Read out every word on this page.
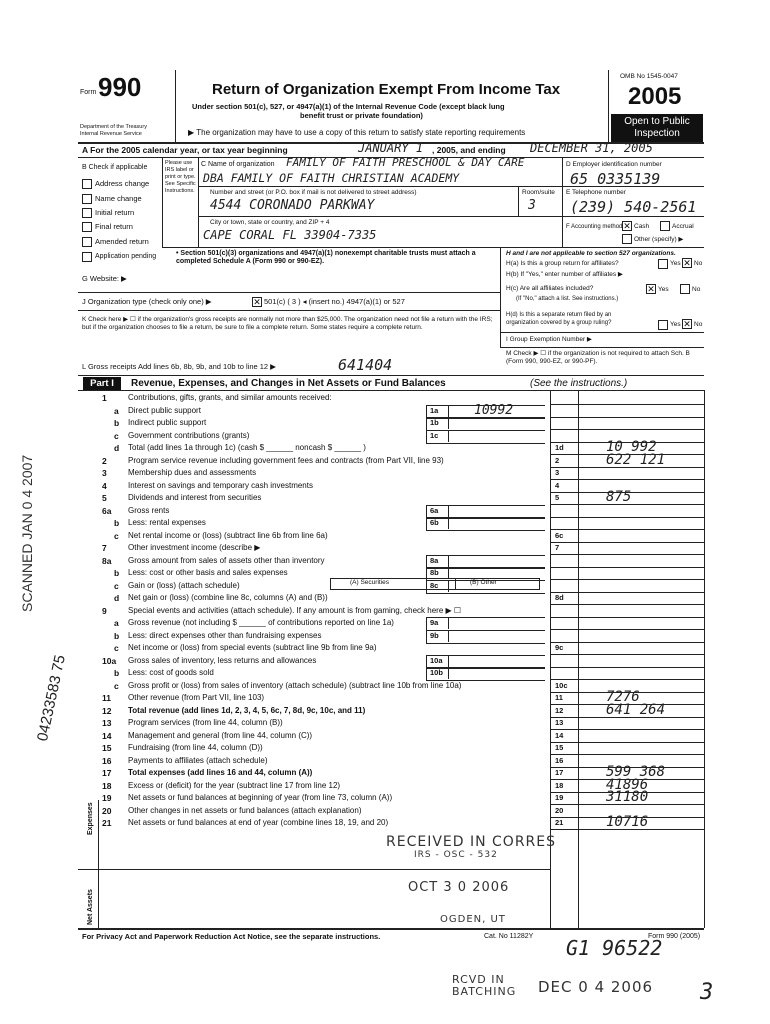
Form 990
Department of the Treasury
Internal Revenue Service
Return of Organization Exempt From Income Tax
Under section 501(c), 527, or 4947(a)(1) of the Internal Revenue Code (except black lung
benefit trust or private foundation)
▶ The organization may have to use a copy of this return to satisfy state reporting requirements
OMB No 1545-0047
2005
Open to Public
Inspection
A For the 2005 calendar year, or tax year beginning	JANUARY 1 , 2005, and ending DECEMBER 31, 2005
B Check if applicable
Address change
Name change
Initial return
Final return
Amended return
Application pending
Please use IRS label or print or type. See Specific Instructions.
C Name of organization FAMILY OF FAITH PRESCHOOL & DAY CARE
DBA FAMILY OF FAITH CHRISTIAN ACADEMY
Number and street (or P.O. box if mail is not delivered to street address)	Room/suite
4544 CORONADO PARKWAY	3
City or town, state or country, and ZIP + 4
CAPE CORAL FL 33904-7335
D Employer identification number
65 0335139
E Telephone number
(239) 540-2561
F Accounting method ✕ Cash	Accrual
Other (specify) ▶
• Section 501(c)(3) organizations and 4947(a)(1) nonexempt charitable trusts must attach a completed Schedule A (Form 990 or 990-EZ).
H and I are not applicable to section 527 organizations.
H(a) Is this a group return for affiliates?	Yes ✕ No
H(b) If "Yes," enter number of affiliates ▶
H(c) Are all affiliates included?	✕ Yes	No
(If "No," attach a list. See instructions.)
H(d) Is this a separate return filed by an organization covered by a group ruling?	Yes ✕ No
I Group Exemption Number ▶
M Check ▶ ☐ if the organization is not required to attach Sch. B (Form 990, 990-EZ, or 990-PF).
G Website: ▶
J Organization type (check only one) ▶	✕ 501(c) ( 3 ) ◂ (insert no.) 4947(a)(1) or 527
K Check here ▶ ☐ if the organization's gross receipts are normally not more than $25,000. The organization need not file a return with the IRS; but if the organization chooses to file a return, be sure to file a complete return. Some states require a complete return.
L Gross receipts Add lines 6b, 8b, 9b, and 10b to line 12 ▶	641404
Part I	Revenue, Expenses, and Changes in Net Assets or Fund Balances	(See the instructions.)
1	Contributions, gifts, grants, and similar amounts received:
a Direct public support	1a	10992
b Indirect public support	1b
c Government contributions (grants)	1c
d Total (add lines 1a through 1c) (cash $ ______ noncash $ ______ )	1d	10 992
2	Program service revenue including government fees and contracts (from Part VII, line 93)	2	622 121
3	Membership dues and assessments	3
4	Interest on savings and temporary cash investments	4
5	Dividends and interest from securities	5	875
6a Gross rents	6a
b Less: rental expenses	6b
c Net rental income or (loss) (subtract line 6b from line 6a)	6c
7	Other investment income (describe ▶	7
8a Gross amount from sales of assets other than inventory	8a
b Less: cost or other basis and sales expenses	8b
c Gain or (loss) (attach schedule)	8c
d Net gain or (loss) (combine line 8c, columns (A) and (B))	8d
9	Special events and activities (attach schedule). If any amount is from gaming, check here ▶ ☐
a Gross revenue (not including $ ______ of contributions reported on line 1a)	9a
b Less: direct expenses other than fundraising expenses	9b
c Net income or (loss) from special events (subtract line 9b from line 9a)	9c
10a Gross sales of inventory, less returns and allowances	10a
b Less: cost of goods sold	10b
c Gross profit or (loss) from sales of inventory (attach schedule) (subtract line 10b from line 10a)	10c
11 Other revenue (from Part VII, line 103)	11	7276
12 Total revenue (add lines 1d, 2, 3, 4, 5, 6c, 7, 8d, 9c, 10c, and 11)	12	641 264
13 Program services (from line 44, column (B))	13
14 Management and general (from line 44, column (C))	14
15 Fundraising (from line 44, column (D))	15
16 Payments to affiliates (attach schedule)	16
17 Total expenses (add lines 16 and 44, column (A))	17	599 368
18 Excess or (deficit) for the year (subtract line 17 from line 12)	18	41896
19 Net assets or fund balances at beginning of year (from line 73, column (A))	19	31180
20 Other changes in net assets or fund balances (attach explanation)	20
21 Net assets or fund balances at end of year (combine lines 18, 19, and 20)	21	10716
(A) Securities	(B) Other
Expenses
Net Assets
For Privacy Act and Paperwork Reduction Act Notice, see the separate instructions.	Cat. No 11282Y	Form 990 (2005)
RECEIVED IN CORRES
IRS - OSC - 532
OCT 3 0 2006
OGDEN, UT
RCVD IN
BATCHING DEC 0 4 2006
04233583 75
SCANNED JAN 0 4 2007
G1 96522
3
